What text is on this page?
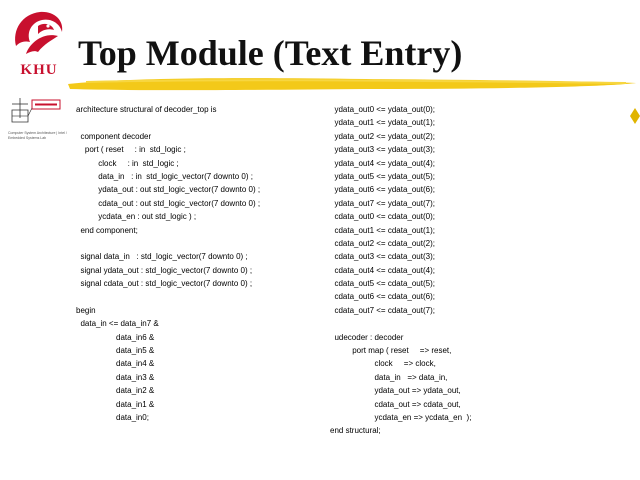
KHU Top Module (Text Entry)
Computer System Architecture | Intel / Embedded Systems Lab
architecture structural of decoder_top is
component decoder
port ( reset     : in  std_logic ;
clock     : in  std_logic ;
data_in   : in  std_logic_vector(7 downto 0) ;
ydata_out : out std_logic_vector(7 downto 0) ;
cdata_out : out std_logic_vector(7 downto 0) ;
ycdata_en : out std_logic ) ;
end component;
signal data_in   : std_logic_vector(7 downto 0) ;
signal ydata_out : std_logic_vector(7 downto 0) ;
signal cdata_out : std_logic_vector(7 downto 0) ;
begin
data_in <= data_in7 &
data_in6 &
data_in5 &
data_in4 &
data_in3 &
data_in2 &
data_in1 &
data_in0;
ydata_out0 <= ydata_out(0);
ydata_out1 <= ydata_out(1);
ydata_out2 <= ydata_out(2);
ydata_out3 <= ydata_out(3);
ydata_out4 <= ydata_out(4);
ydata_out5 <= ydata_out(5);
ydata_out6 <= ydata_out(6);
ydata_out7 <= ydata_out(7);
cdata_out0 <= cdata_out(0);
cdata_out1 <= cdata_out(1);
cdata_out2 <= cdata_out(2);
cdata_out3 <= cdata_out(3);
cdata_out4 <= cdata_out(4);
cdata_out5 <= cdata_out(5);
cdata_out6 <= cdata_out(6);
cdata_out7 <= cdata_out(7);
udecoder : decoder
port map ( reset     => reset,
clock     => clock,
data_in   => data_in,
ydata_out => ydata_out,
cdata_out => cdata_out,
ycdata_en => ycdata_en  );
end structural;
